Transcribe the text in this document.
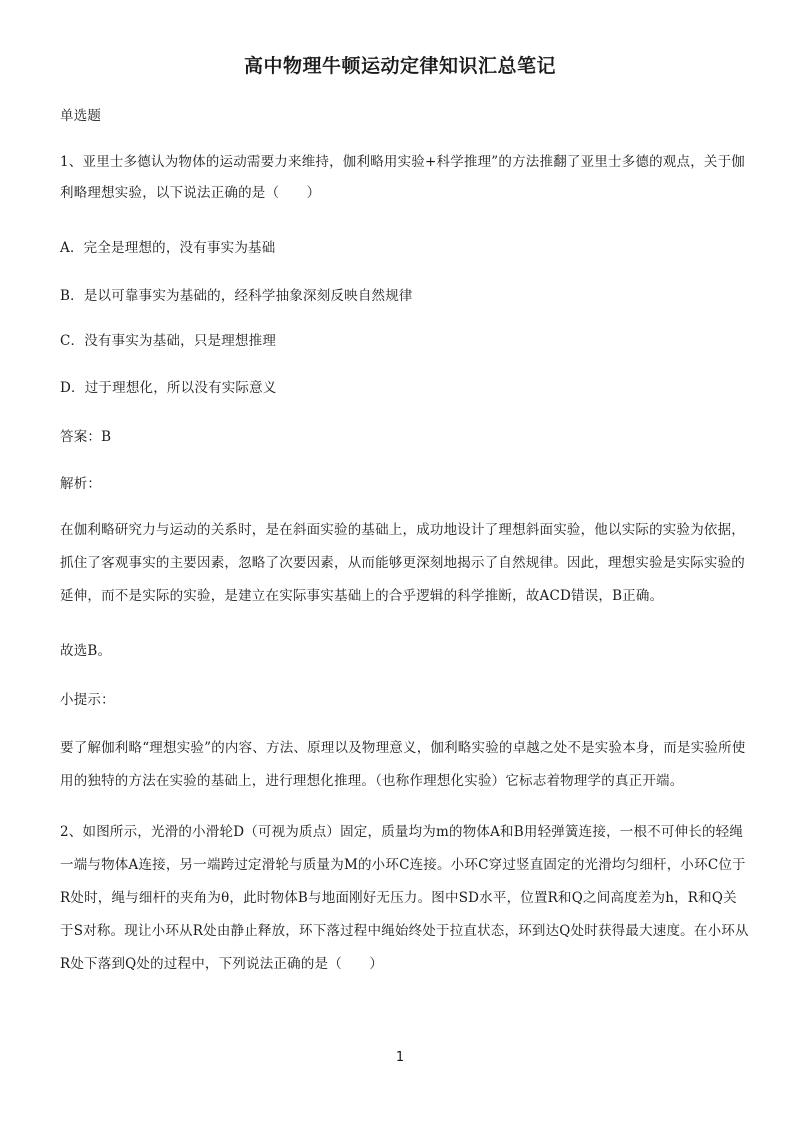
高中物理牛顿运动定律知识汇总笔记
单选题
1、亚里士多德认为物体的运动需要力来维持，伽利略用实验+科学推理”的方法推翻了亚里士多德的观点，关于伽利略理想实验，以下说法正确的是（　　）
A．完全是理想的，没有事实为基础
B．是以可靠事实为基础的，经科学抽象深刻反映自然规律
C．没有事实为基础，只是理想推理
D．过于理想化，所以没有实际意义
答案：B
解析：
在伽利略研究力与运动的关系时，是在斜面实验的基础上，成功地设计了理想斜面实验，他以实际的实验为依据，抓住了客观事实的主要因素，忽略了次要因素，从而能够更深刻地揭示了自然规律。因此，理想实验是实际实验的延伸，而不是实际的实验，是建立在实际事实基础上的合乎逻辑的科学推断，故ACD错误，B正确。
故选B。
小提示：
要了解伽利略“理想实验”的内容、方法、原理以及物理意义，伽利略实验的卓越之处不是实验本身，而是实验所使用的独特的方法在实验的基础上，进行理想化推理。（也称作理想化实验）它标志着物理学的真正开端。
2、如图所示，光滑的小滑轮D（可视为质点）固定，质量均为m的物体A和B用轻弹簧连接，一根不可伸长的轻绳一端与物体A连接，另一端跨过定滑轮与质量为M的小环C连接。小环C穿过竖直固定的光滑均匀细杆，小环C位于R处时，绳与细杆的夹角为θ，此时物体B与地面刚好无压力。图中SD水平，位置R和Q之间高度差为h，R和Q关于S对称。现让小环从R处由静止释放，环下落过程中绳始终处于拉直状态，环到达Q处时获得最大速度。在小环从R处下落到Q处的过程中，下列说法正确的是（　　）
1
